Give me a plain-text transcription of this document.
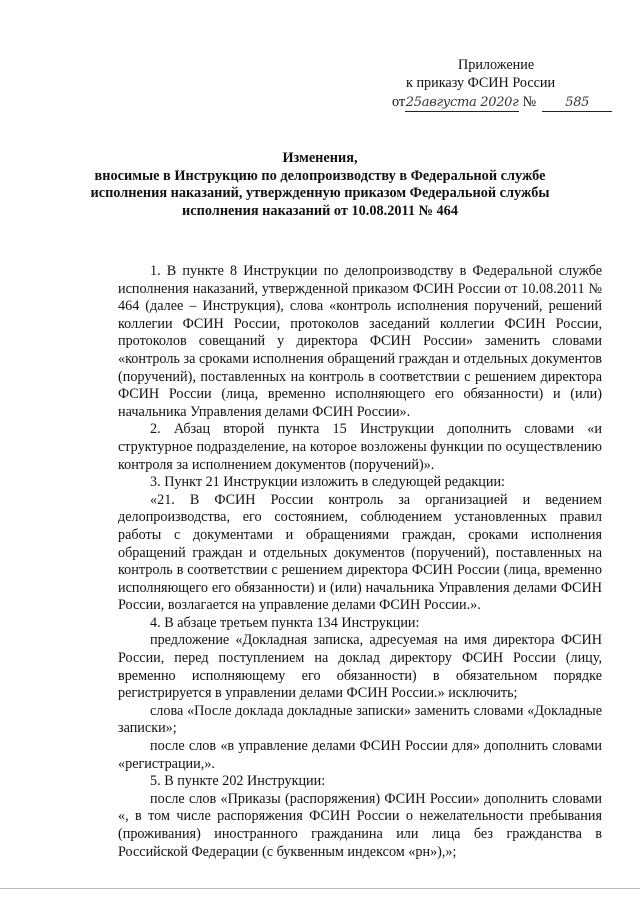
Приложение
к приказу ФСИН России
от25августа 2020г № 585
Изменения,
вносимые в Инструкцию по делопроизводству в Федеральной службе исполнения наказаний, утвержденную приказом Федеральной службы исполнения наказаний от 10.08.2011 № 464

1. В пункте 8 Инструкции по делопроизводству в Федеральной службе исполнения наказаний, утвержденной приказом ФСИН России от 10.08.2011 № 464 (далее – Инструкция), слова «контроль исполнения поручений, решений коллегии ФСИН России, протоколов заседаний коллегии ФСИН России, протоколов совещаний у директора ФСИН России» заменить словами «контроль за сроками исполнения обращений граждан и отдельных документов (поручений), поставленных на контроль в соответствии с решением директора ФСИН России (лица, временно исполняющего его обязанности) и (или) начальника Управления делами ФСИН России».

2. Абзац второй пункта 15 Инструкции дополнить словами «и структурное подразделение, на которое возложены функции по осуществлению контроля за исполнением документов (поручений)».

3. Пункт 21 Инструкции изложить в следующей редакции:

«21. В ФСИН России контроль за организацией и ведением делопроизводства, его состоянием, соблюдением установленных правил работы с документами и обращениями граждан, сроками исполнения обращений граждан и отдельных документов (поручений), поставленных на контроль в соответствии с решением директора ФСИН России (лица, временно исполняющего его обязанности) и (или) начальника Управления делами ФСИН России, возлагается на управление делами ФСИН России.».

4. В абзаце третьем пункта 134 Инструкции:

предложение «Докладная записка, адресуемая на имя директора ФСИН России, перед поступлением на доклад директору ФСИН России (лицу, временно исполняющему его обязанности) в обязательном порядке регистрируется в управлении делами ФСИН России.» исключить;

слова «После доклада докладные записки» заменить словами «Докладные записки»;

после слов «в управление делами ФСИН России для» дополнить словами «регистрации,».

5. В пункте 202 Инструкции:

после слов «Приказы (распоряжения) ФСИН России» дополнить словами «, в том числе распоряжения ФСИН России о нежелательности пребывания (проживания) иностранного гражданина или лица без гражданства в Российской Федерации (с буквенным индексом «рн»),»;
